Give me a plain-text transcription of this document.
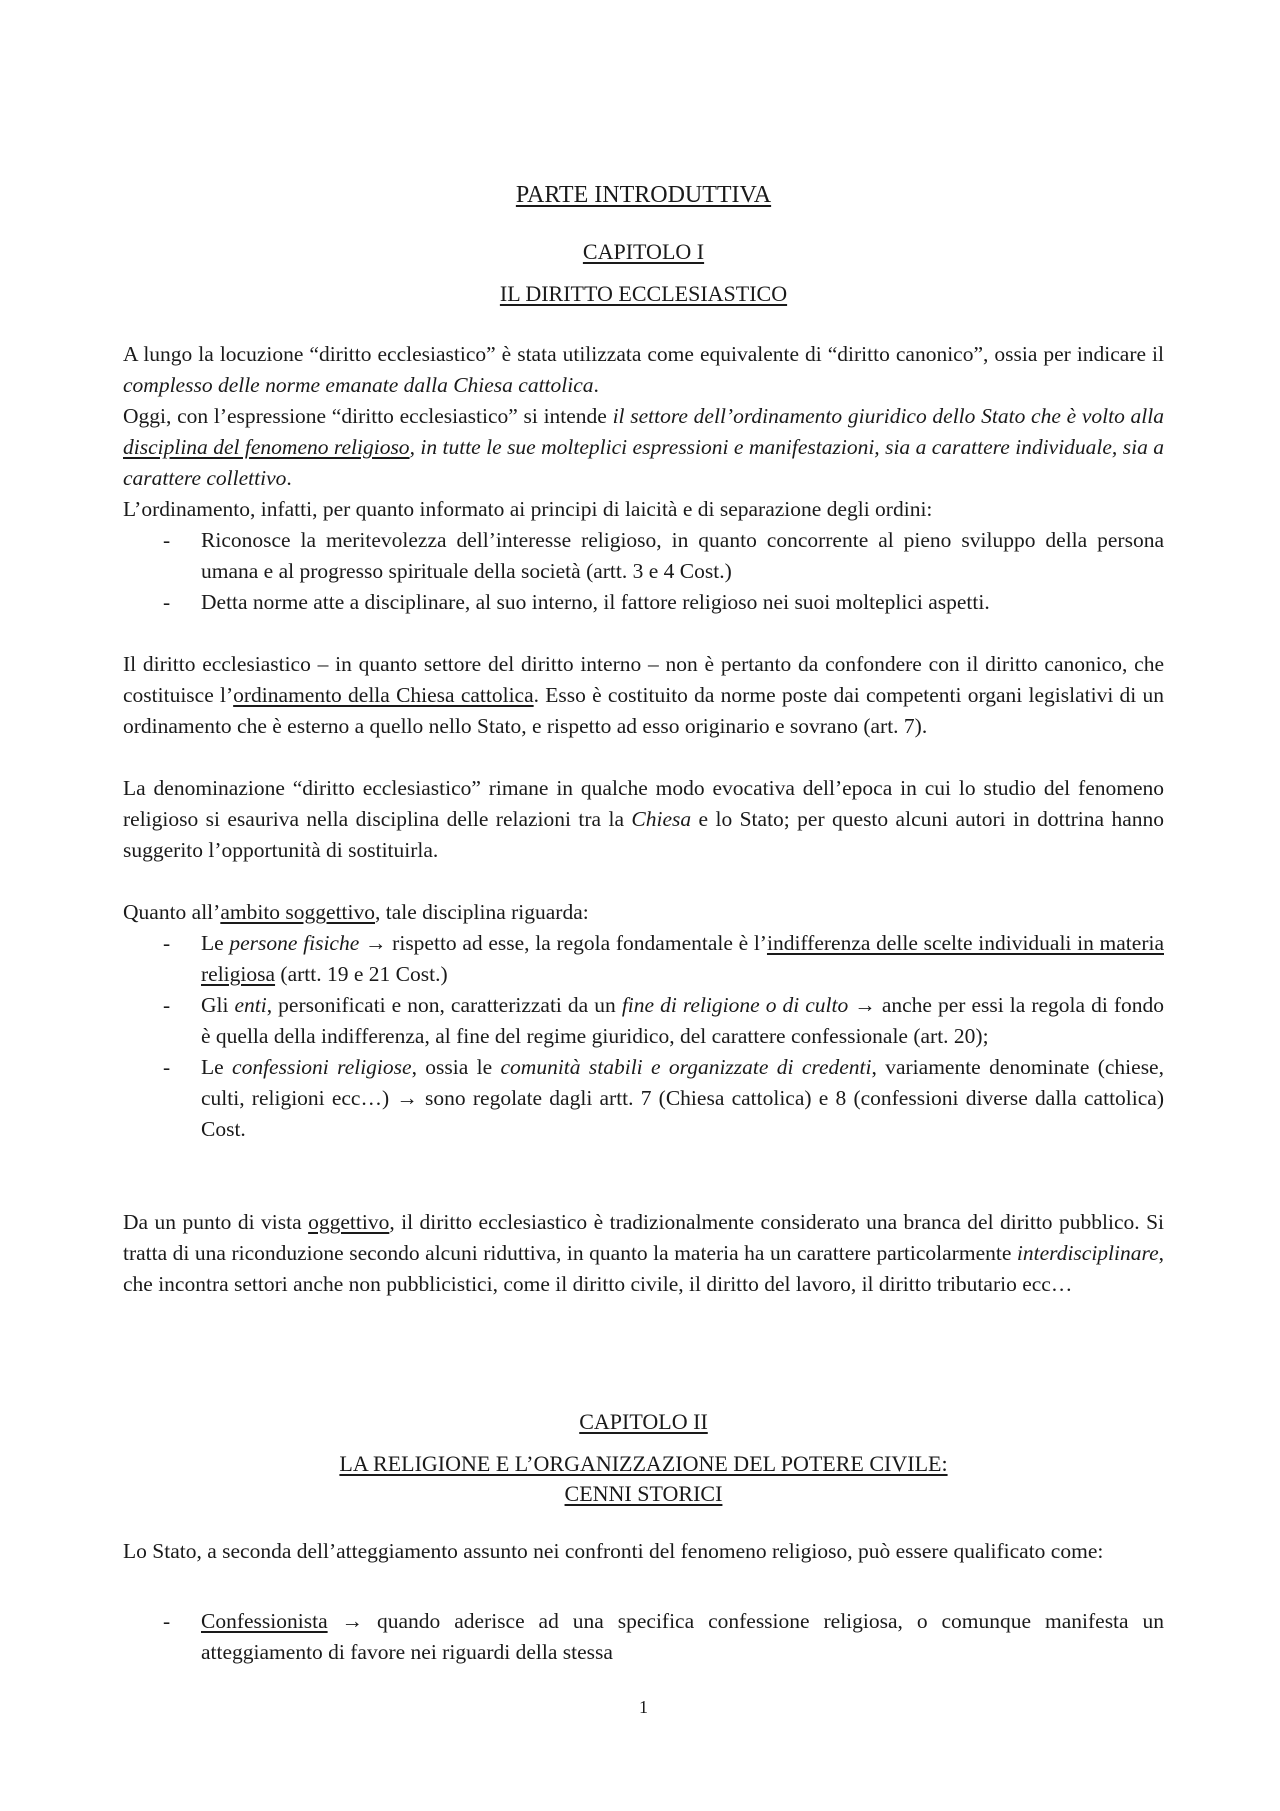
PARTE INTRODUTTIVA
CAPITOLO I
IL DIRITTO ECCLESIASTICO

A lungo la locuzione “diritto ecclesiastico” è stata utilizzata come equivalente di “diritto canonico”, ossia per indicare il complesso delle norme emanate dalla Chiesa cattolica.

Oggi, con l’espressione “diritto ecclesiastico” si intende il settore dell’ordinamento giuridico dello Stato che è volto alla disciplina del fenomeno religioso, in tutte le sue molteplici espressioni e manifestazioni, sia a carattere individuale, sia a carattere collettivo.

L’ordinamento, infatti, per quanto informato ai principi di laicità e di separazione degli ordini:

- Riconosce la meritevolezza dell’interesse religioso, in quanto concorrente al pieno sviluppo della persona umana e al progresso spirituale della società (artt. 3 e 4 Cost.)
- Detta norme atte a disciplinare, al suo interno, il fattore religioso nei suoi molteplici aspetti.

Il diritto ecclesiastico – in quanto settore del diritto interno – non è pertanto da confondere con il diritto canonico, che costituisce l’ordinamento della Chiesa cattolica. Esso è costituito da norme poste dai competenti organi legislativi di un ordinamento che è esterno a quello nello Stato, e rispetto ad esso originario e sovrano (art. 7).

La denominazione “diritto ecclesiastico” rimane in qualche modo evocativa dell’epoca in cui lo studio del fenomeno religioso si esauriva nella disciplina delle relazioni tra la Chiesa e lo Stato; per questo alcuni autori in dottrina hanno suggerito l’opportunità di sostituirla.

Quanto all’ambito soggettivo, tale disciplina riguarda:

- Le persone fisiche → rispetto ad esse, la regola fondamentale è l’indifferenza delle scelte individuali in materia religiosa (artt. 19 e 21 Cost.)
- Gli enti, personificati e non, caratterizzati da un fine di religione o di culto → anche per essi la regola di fondo è quella della indifferenza, al fine del regime giuridico, del carattere confessionale (art. 20);
- Le confessioni religiose, ossia le comunità stabili e organizzate di credenti, variamente denominate (chiese, culti, religioni ecc…) → sono regolate dagli artt. 7 (Chiesa cattolica) e 8 (confessioni diverse dalla cattolica) Cost.

Da un punto di vista oggettivo, il diritto ecclesiastico è tradizionalmente considerato una branca del diritto pubblico. Si tratta di una riconduzione secondo alcuni riduttiva, in quanto la materia ha un carattere particolarmente interdisciplinare, che incontra settori anche non pubblicistici, come il diritto civile, il diritto del lavoro, il diritto tributario ecc…

CAPITOLO II
LA RELIGIONE E L’ORGANIZZAZIONE DEL POTERE CIVILE:
CENNI STORICI

Lo Stato, a seconda dell’atteggiamento assunto nei confronti del fenomeno religioso, può essere qualificato come:

- Confessionista → quando aderisce ad una specifica confessione religiosa, o comunque manifesta un atteggiamento di favore nei riguardi della stessa
1
